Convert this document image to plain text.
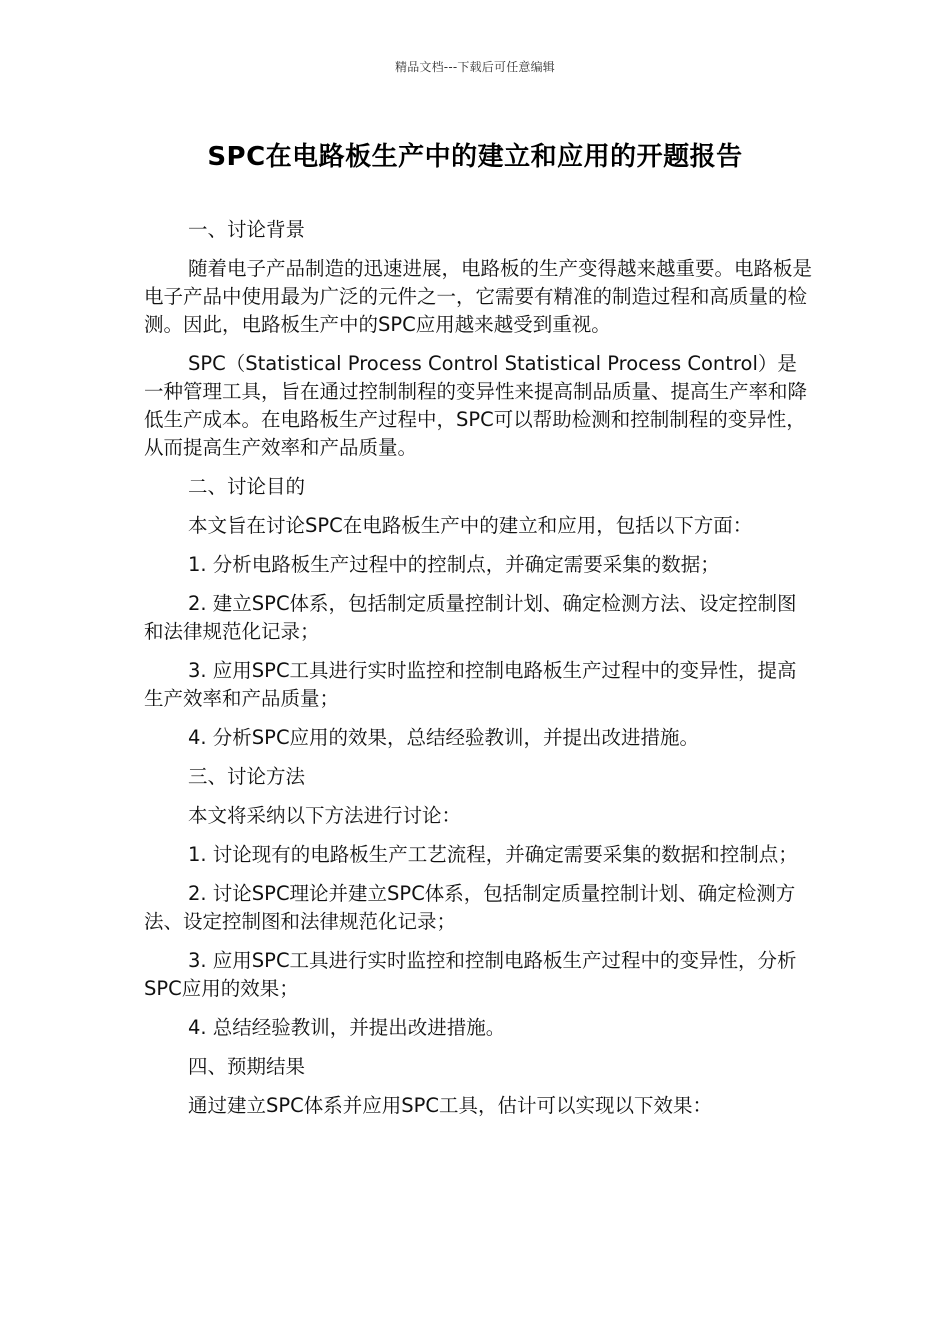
精品文档---下载后可任意编辑
SPC在电路板生产中的建立和应用的开题报告

一、讨论背景

随着电子产品制造的迅速进展，电路板的生产变得越来越重要。电路板是电子产品中使用最为广泛的元件之一，它需要有精准的制造过程和高质量的检测。因此，电路板生产中的SPC应用越来越受到重视。

SPC（Statistical Process Control Statistical Process Control）是一种管理工具，旨在通过控制制程的变异性来提高制品质量、提高生产率和降低生产成本。在电路板生产过程中，SPC可以帮助检测和控制制程的变异性，从而提高生产效率和产品质量。

二、讨论目的

本文旨在讨论SPC在电路板生产中的建立和应用，包括以下方面：

1. 分析电路板生产过程中的控制点，并确定需要采集的数据；

2. 建立SPC体系，包括制定质量控制计划、确定检测方法、设定控制图和法律规范化记录；

3. 应用SPC工具进行实时监控和控制电路板生产过程中的变异性，提高生产效率和产品质量；

4. 分析SPC应用的效果，总结经验教训，并提出改进措施。

三、讨论方法

本文将采纳以下方法进行讨论：

1. 讨论现有的电路板生产工艺流程，并确定需要采集的数据和控制点；

2. 讨论SPC理论并建立SPC体系，包括制定质量控制计划、确定检测方法、设定控制图和法律规范化记录；

3. 应用SPC工具进行实时监控和控制电路板生产过程中的变异性，分析SPC应用的效果；

4. 总结经验教训，并提出改进措施。

四、预期结果

通过建立SPC体系并应用SPC工具，估计可以实现以下效果：
